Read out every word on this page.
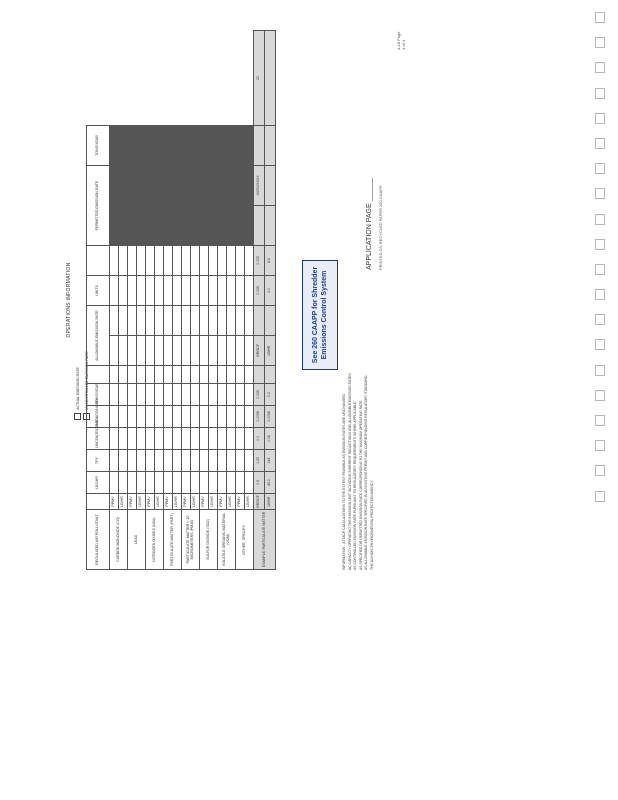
OPERATIONS INFORMATION
ACTUAL EMISSION RATE UNCONTROLLED EMISSION RATE
REGULATED AIR POLLUTANT		LBS/HR	TPY	UNCONTROLLED	POUNDS/HOUR	TONS/YEAR		ALLOWABLE EMISSION RATE		UNITS		PERMITTED EMISSION RATE		TONS/YEAR	
CARBON MONOXIDE (CO)	PPMV														
	LB/HR														
LEAD	PPMV														
	LB/HR														
NITROGEN OXIDES (NOx)	PPMV														
	LB/HR														
PARTICULATE MATTER (PART)	PPMV														
	LB/HR														
PARTICULATE MATTER < 10 MICROMETERS (PM10)	PPMV														
	LB/HR														
SULFUR DIOXIDE (SO2)	PPMV														
	LB/HR														
VOLATILE ORGANIC MATERIAL (VOM)	PPMV														
	LB/HR														
OTHER, SPECIFY:	PPMV														
	LB/HR														
EXAMPLE: PARTICULATE MATTER	GR/SCF	0.5	1.25	0.0	0.0058	0.025		GR/SCF		0.025	0.025		XX/XX/XXXX		20
	LB/HR	45.0	144	0.08	0.0058	0.2		LB/HR		2.0	8.6				
See 260 CAAPP for Shredder Emissions Control System
INFORMATION - ATTACH CALCULATIONS TO THE EXTENT FEASIBLE AS EMISSION RATES ARE UNCHANGED. AC CAPACITY OPERATING THE EMISSION UNIT INCLUDING INHERENT REDUCTIONS AND ALLOWABLE EMISSION RATES. AS CONTROLLED EMISSION RATE PURSUANT TO REGULATORY REQUIREMENTS WHERE APPLICABLE. AS SPECIFIED OR PERMITTED EMISSION RATE CORRESPONDING TO THE MAXIMUM OPERATING RATE. AS ALLOWABLE EMISSION RATE SPECIFIED IN AN EXISTING PERMIT AND CORRESPONDING REGULATORY STANDARD. THE ILLINOIS ENVIRONMENTAL PROTECTION AGENCY.
APPLICATION PAGE ______ PRINTED ON RECYCLED PAPER 260-CAAPP
4-18 Page 4 of 4
